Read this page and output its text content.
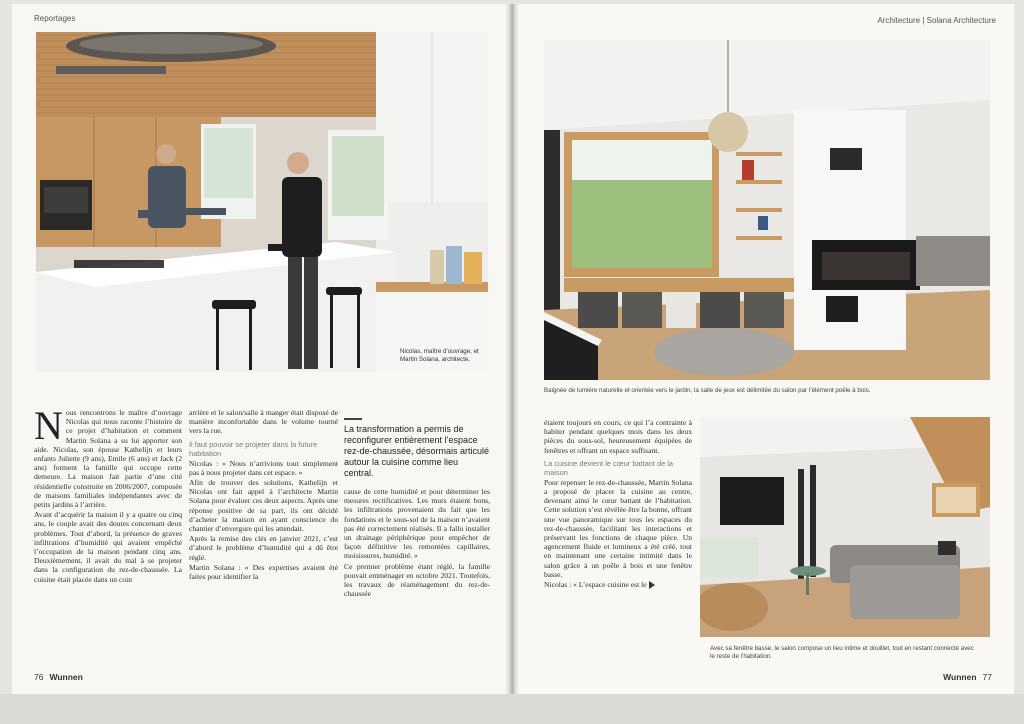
Reportages
Nicolas, maître d’ouvrage, et Martin Solana, architecte.
N ous rencontrons le maître d’ouvrage Nicolas qui nous raconte l’histoire de ce projet d’habitation et comment Martin Solana a su lui apporter son aide. Nicolas, son épouse Kathelijn et leurs enfants Juliette (9 ans), Emile (6 ans) et Jack (2 ans) forment la famille qui occupe cette demeure. La maison fait partie d’une cité résidentielle construite en 2006/2007, composée de maisons familiales indépendantes avec de petits jardins à l’arrière.

Avant d’acquérir la maison il y a quatre ou cinq ans, le couple avait des doutes concernant deux problèmes. Tout d’abord, la présence de graves infiltrations d’humidité qui avaient empêché l’occupation de la maison pendant cinq ans. Deuxièmement, il avait du mal à se projeter dans la configuration du rez-de-chaussée. La cuisine était placée dans un coin

arrière et le salon/salle à manger était disposé de manière inconfortable dans le volume tourné vers la rue.

Il faut pouvoir se projeter dans la future habitation

Nicolas : « Nous n’arrivions tout simplement pas à nous projeter dans cet espace. »

Afin de trouver des solutions, Kathelijn et Nicolas ont fait appel à l’architecte Martin Solana pour évaluer ces deux aspects. Après une réponse positive de sa part, ils ont décidé d’acheter la maison en ayant conscience du chantier d’envergure qui les attendait.

Après la remise des clés en janvier 2021, c’est d’abord le problème d’humidité qui a dû être réglé.

Martin Solana : « Des expertises avaient été faites pour identifier la

La transformation a permis de reconfigurer entièrement l’espace rez-de-chaussée, désormais articulé autour la cuisine comme lieu central.

cause de cette humidité et pour déterminer les mesures rectificatives. Les murs étaient bons, les infiltrations provenaient du fait que les fondations et le sous-sol de la maison n’avaient pas été correctement réalisés. Il a fallu installer un drainage périphérique pour empêcher de façon définitive les remontées capillaires, moisissures, humidité. »

Ce premier problème étant réglé, la famille pouvait emménager en octobre 2021. Toutefois, les travaux de réaménagement du rez-de-chaussée

76 Wunnen
Architecture | Solana Architecture
Baignée de lumière naturelle et orientée vers le jardin, la salle de jeux est délimitée du salon par l’élément poêle à bois.

étaient toujours en cours, ce qui l’a contrainte à habiter pendant quelques mois dans les deux pièces du sous-sol, heureusement équipées de fenêtres et offrant un espace suffisant.

La cuisine devient le cœur battant de la maison

Pour repenser le rez-de-chaussée, Martin Solana a proposé de placer la cuisine au centre, devenant ainsi le cœur battant de l’habitation. Cette solution s’est révélée être la bonne, offrant une vue panoramique sur tous les espaces du rez-de-chaussée, facilitant les interactions et préservant les fonctions de chaque pièce. Un agencement fluide et lumineux a été créé, tout en maintenant une certaine intimité dans le salon grâce à un poêle à bois et une fenêtre basse.

Nicolas : « L’espace cuisine est le

Avec sa fenêtre basse, le salon compose un lieu intime et douillet, tout en restant connecté avec le reste de l’habitation.
Wunnen 77
